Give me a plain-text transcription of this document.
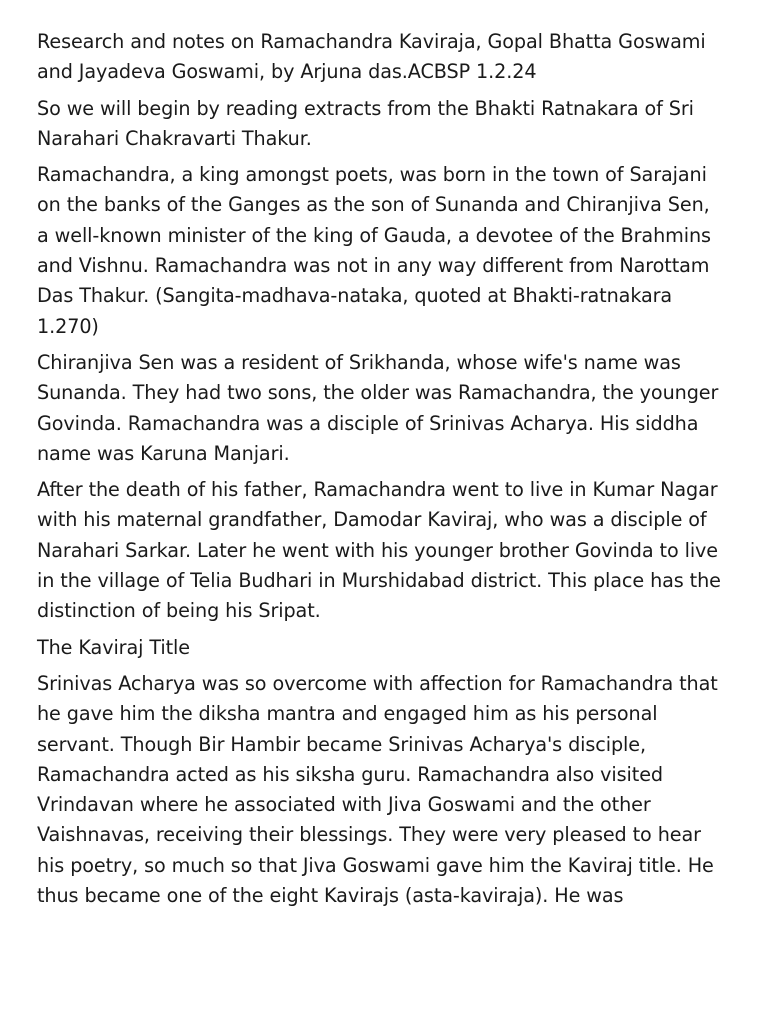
Research and notes on Ramachandra Kaviraja, Gopal Bhatta Goswami
and Jayadeva Goswami, by Arjuna das.ACBSP 1.2.24

So we will begin by reading extracts from the Bhakti Ratnakara of Sri
Narahari Chakravarti Thakur.

Ramachandra, a king amongst poets, was born in the town of Sarajani
on the banks of the Ganges as the son of Sunanda and Chiranjiva Sen,
a well-known minister of the king of Gauda, a devotee of the Brahmins
and Vishnu. Ramachandra was not in any way different from Narottam
Das Thakur. (Sangita-madhava-nataka, quoted at Bhakti-ratnakara
1.270)

Chiranjiva Sen was a resident of Srikhanda, whose wife's name was
Sunanda. They had two sons, the older was Ramachandra, the younger
Govinda. Ramachandra was a disciple of Srinivas Acharya. His siddha
name was Karuna Manjari.

After the death of his father, Ramachandra went to live in Kumar Nagar
with his maternal grandfather, Damodar Kaviraj, who was a disciple of
Narahari Sarkar. Later he went with his younger brother Govinda to live
in the village of Telia Budhari in Murshidabad district. This place has the
distinction of being his Sripat.

The Kaviraj Title

Srinivas Acharya was so overcome with affection for Ramachandra that
he gave him the diksha mantra and engaged him as his personal
servant. Though Bir Hambir became Srinivas Acharya's disciple,
Ramachandra acted as his siksha guru. Ramachandra also visited
Vrindavan where he associated with Jiva Goswami and the other
Vaishnavas, receiving their blessings. They were very pleased to hear
his poetry, so much so that Jiva Goswami gave him the Kaviraj title. He
thus became one of the eight Kavirajs (asta-kaviraja). He was
